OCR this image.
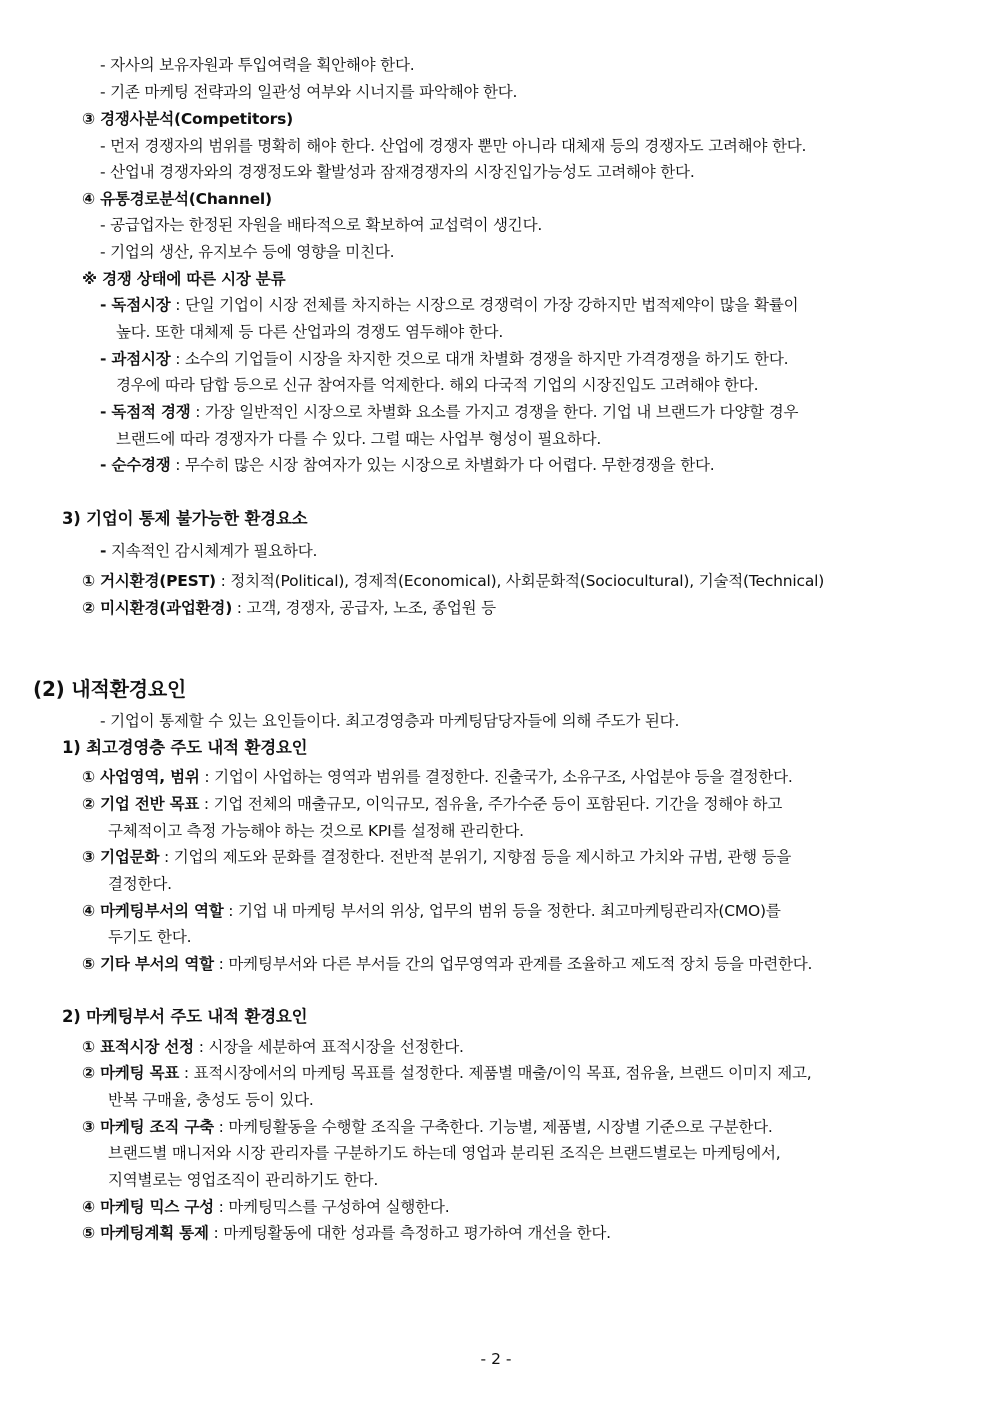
- 자사의 보유자원과 투입여력을 획안해야 한다.
- 기존 마케팅 전략과의 일관성 여부와 시너지를 파악해야 한다.
③ 경쟁사분석(Competitors)
- 먼저 경쟁자의 범위를 명확히 해야 한다. 산업에 경쟁자 뿐만 아니라 대체재 등의 경쟁자도 고려해야 한다.
- 산업내 경쟁자와의 경쟁정도와 활발성과 잠재경쟁자의 시장진입가능성도 고려해야 한다.
④ 유통경로분석(Channel)
- 공급업자는 한정된 자원을 배타적으로 확보하여 교섭력이 생긴다.
- 기업의 생산, 유지보수 등에 영향을 미친다.
※ 경쟁 상태에 따른 시장 분류
- 독점시장 : 단일 기업이 시장 전체를 차지하는 시장으로 경쟁력이 가장 강하지만 법적제약이 많을 확률이
높다. 또한 대체제 등 다른 산업과의 경쟁도 염두해야 한다.
- 과점시장 : 소수의 기업들이 시장을 차지한 것으로 대개 차별화 경쟁을 하지만 가격경쟁을 하기도 한다.
경우에 따라 담합 등으로 신규 참여자를 억제한다. 해외 다국적 기업의 시장진입도 고려해야 한다.
- 독점적 경쟁 : 가장 일반적인 시장으로 차별화 요소를 가지고 경쟁을 한다. 기업 내 브랜드가 다양할 경우
브랜드에 따라 경쟁자가 다를 수 있다. 그럴 때는 사업부 형성이 필요하다.
- 순수경쟁 : 무수히 많은 시장 참여자가 있는 시장으로 차별화가 다 어렵다. 무한경쟁을 한다.
3) 기업이 통제 불가능한 환경요소
- 지속적인 감시체계가 필요하다.
① 거시환경(PEST) : 정치적(Political), 경제적(Economical), 사회문화적(Sociocultural), 기술적(Technical)
② 미시환경(과업환경) : 고객, 경쟁자, 공급자, 노조, 종업원 등
(2) 내적환경요인
- 기업이 통제할 수 있는 요인들이다. 최고경영층과 마케팅담당자들에 의해 주도가 된다.
1) 최고경영층 주도 내적 환경요인
① 사업영역, 범위 : 기업이 사업하는 영역과 범위를 결정한다. 진출국가, 소유구조, 사업분야 등을 결정한다.
② 기업 전반 목표 : 기업 전체의 매출규모, 이익규모, 점유율, 주가수준 등이 포함된다. 기간을 정해야 하고
구체적이고 측정 가능해야 하는 것으로 KPI를 설정해 관리한다.
③ 기업문화 : 기업의 제도와 문화를 결정한다. 전반적 분위기, 지향점 등을 제시하고 가치와 규범, 관행 등을
결정한다.
④ 마케팅부서의 역할 : 기업 내 마케팅 부서의 위상, 업무의 범위 등을 정한다. 최고마케팅관리자(CMO)를
두기도 한다.
⑤ 기타 부서의 역할 : 마케팅부서와 다른 부서들 간의 업무영역과 관계를 조율하고 제도적 장치 등을 마련한다.
2) 마케팅부서 주도 내적 환경요인
① 표적시장 선정 : 시장을 세분하여 표적시장을 선정한다.
② 마케팅 목표 : 표적시장에서의 마케팅 목표를 설정한다. 제품별 매출/이익 목표, 점유율, 브랜드 이미지 제고,
반복 구매율, 충성도 등이 있다.
③ 마케팅 조직 구축 : 마케팅활동을 수행할 조직을 구축한다. 기능별, 제품별, 시장별 기준으로 구분한다.
브랜드별 매니저와 시장 관리자를 구분하기도 하는데 영업과 분리된 조직은 브랜드별로는 마케팅에서,
지역별로는 영업조직이 관리하기도 한다.
④ 마케팅 믹스 구성 : 마케팅믹스를 구성하여 실행한다.
⑤ 마케팅계획 통제 : 마케팅활동에 대한 성과를 측정하고 평가하여 개선을 한다.
- 2 -
